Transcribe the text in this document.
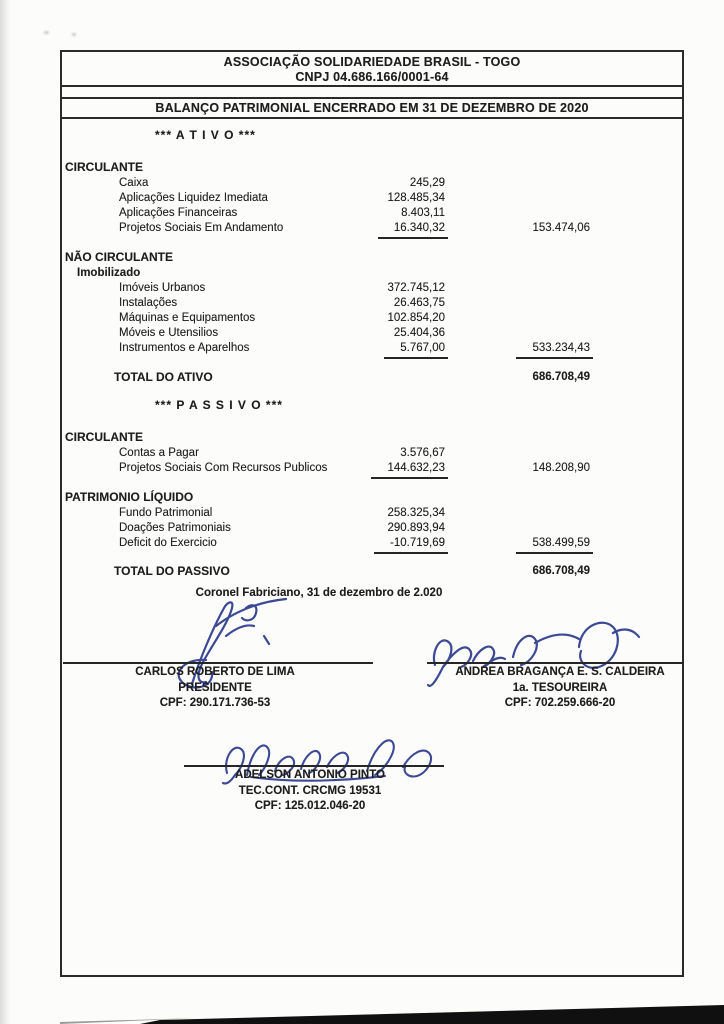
ASSOCIAÇÃO SOLIDARIEDADE BRASIL - TOGO
CNPJ 04.686.166/0001-64
BALANÇO PATRIMONIAL ENCERRADO EM 31 DE DEZEMBRO DE 2020
*** A T I V O ***
CIRCULANTE
Caixa	245,29
Aplicações Liquidez Imediata	128.485,34
Aplicações Financeiras	8.403,11
Projetos Sociais Em Andamento	16.340,32	153.474,06
NÃO CIRCULANTE
Imobilizado
Imóveis Urbanos	372.745,12
Instalações	26.463,75
Máquinas e Equipamentos	102.854,20
Móveis e Utensilios	25.404,36
Instrumentos e Aparelhos	5.767,00	533.234,43
TOTAL DO ATIVO	686.708,49
*** P A S S I V O ***
CIRCULANTE
Contas a Pagar	3.576,67
Projetos Sociais Com Recursos Publicos	144.632,23	148.208,90
PATRIMONIO LÍQUIDO
Fundo Patrimonial	258.325,34
Doações Patrimoniais	290.893,94
Deficit do Exercicio	-10.719,69	538.499,59
TOTAL DO PASSIVO	686.708,49
Coronel Fabriciano, 31 de dezembro de 2.020
CARLOS ROBERTO DE LIMA
PRESIDENTE
CPF: 290.171.736-53
ANDREA BRAGANÇA E. S. CALDEIRA
1a. TESOUREIRA
CPF: 702.259.666-20
ADELSON ANTONIO PINTO
TEC.CONT. CRCMG 19531
CPF: 125.012.046-20
